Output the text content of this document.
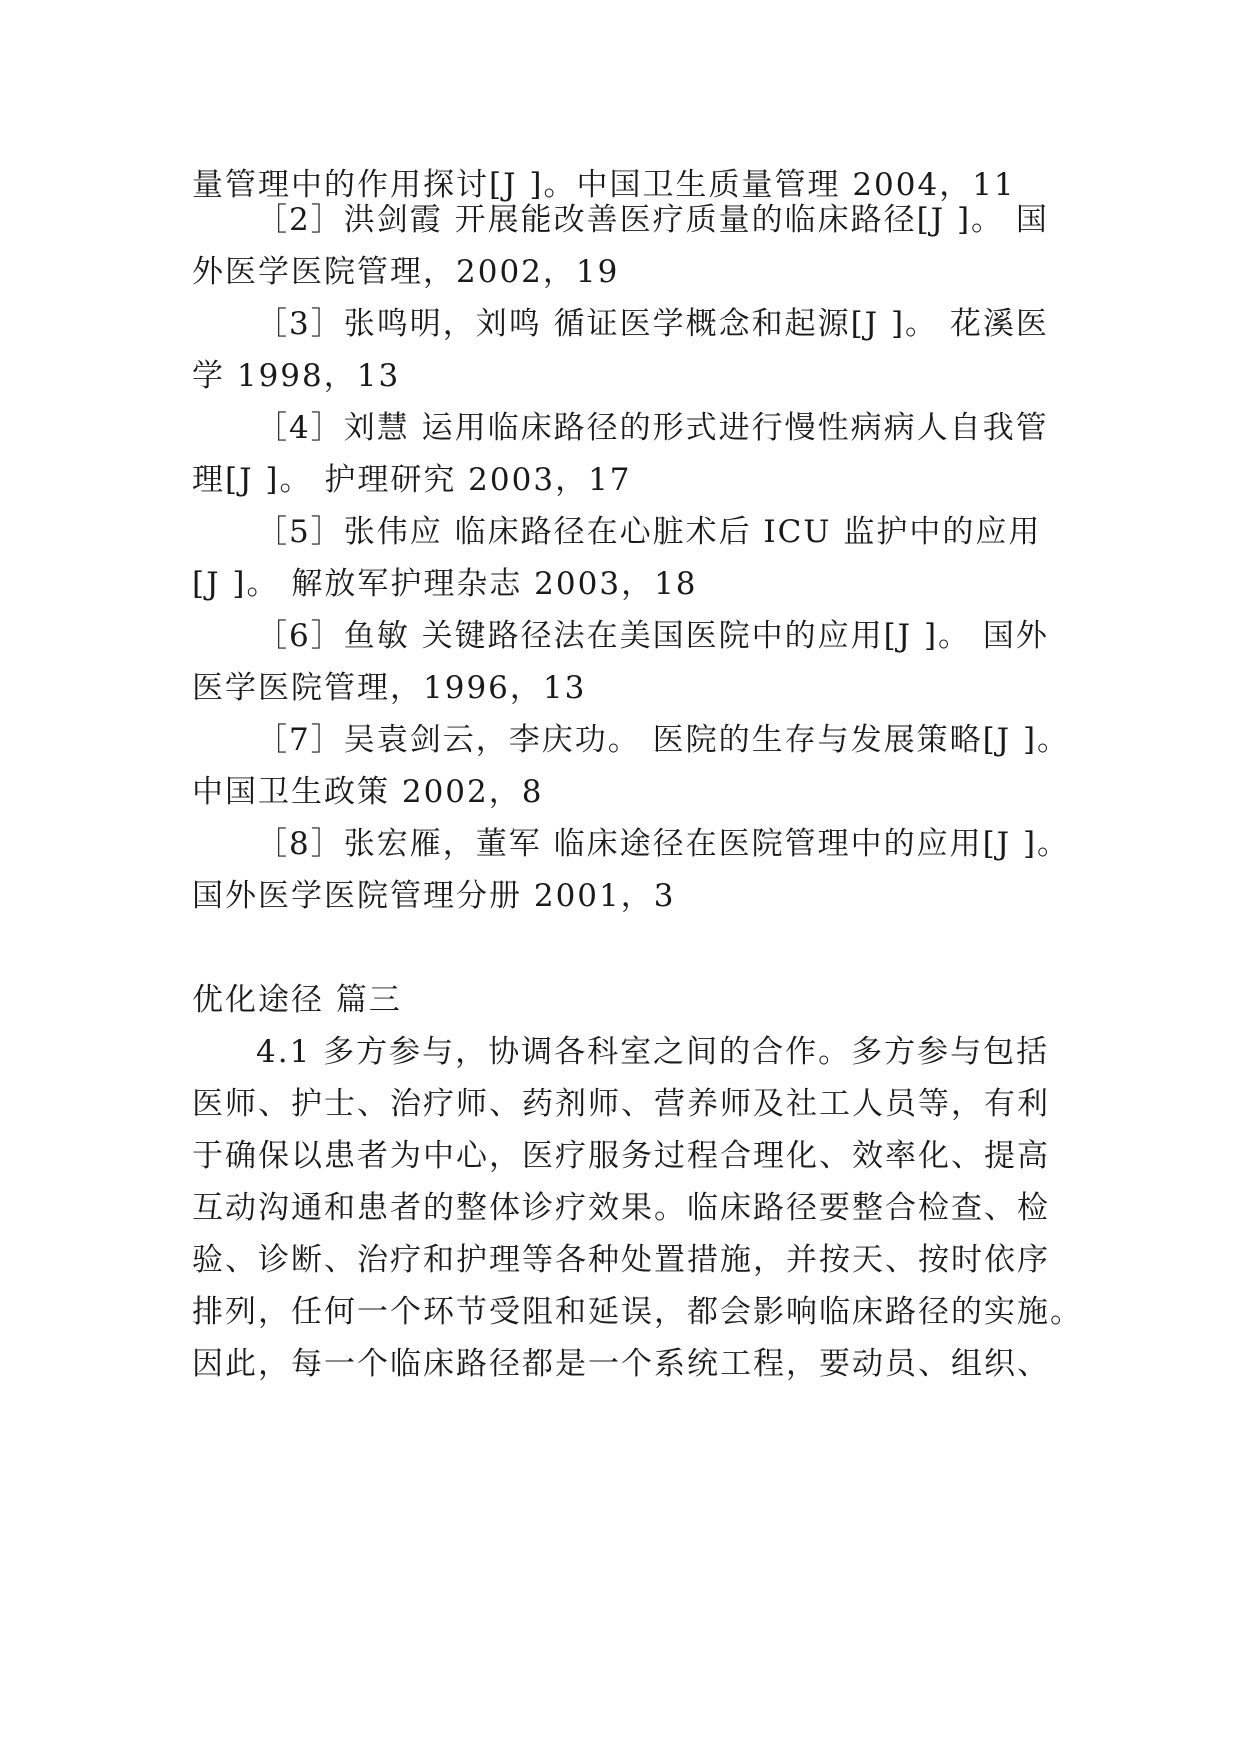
量管理中的作用探讨[J ]。中国卫生质量管理 2004，11
［2］洪剑霞 开展能改善医疗质量的临床路径[J ]。 国
外医学医院管理，2002，19
［3］张鸣明，刘鸣 循证医学概念和起源[J ]。 花溪医
学 1998，13
［4］刘慧 运用临床路径的形式进行慢性病病人自我管
理[J ]。 护理研究 2003，17
［5］张伟应 临床路径在心脏术后 ICU 监护中的应用
[J ]。 解放军护理杂志 2003，18
［6］鱼敏 关键路径法在美国医院中的应用[J ]。 国外
医学医院管理，1996，13
［7］吴袁剑云，李庆功。 医院的生存与发展策略[J ]。
中国卫生政策 2002，8
［8］张宏雁，董军 临床途径在医院管理中的应用[J ]。
国外医学医院管理分册 2001，3
优化途径 篇三
4.1 多方参与，协调各科室之间的合作。多方参与包括
医师、护士、治疗师、药剂师、营养师及社工人员等，有利
于确保以患者为中心，医疗服务过程合理化、效率化、提高
互动沟通和患者的整体诊疗效果。临床路径要整合检查、检
验、诊断、治疗和护理等各种处置措施，并按天、按时依序
排列，任何一个环节受阻和延误，都会影响临床路径的实施。
因此，每一个临床路径都是一个系统工程，要动员、组织、
